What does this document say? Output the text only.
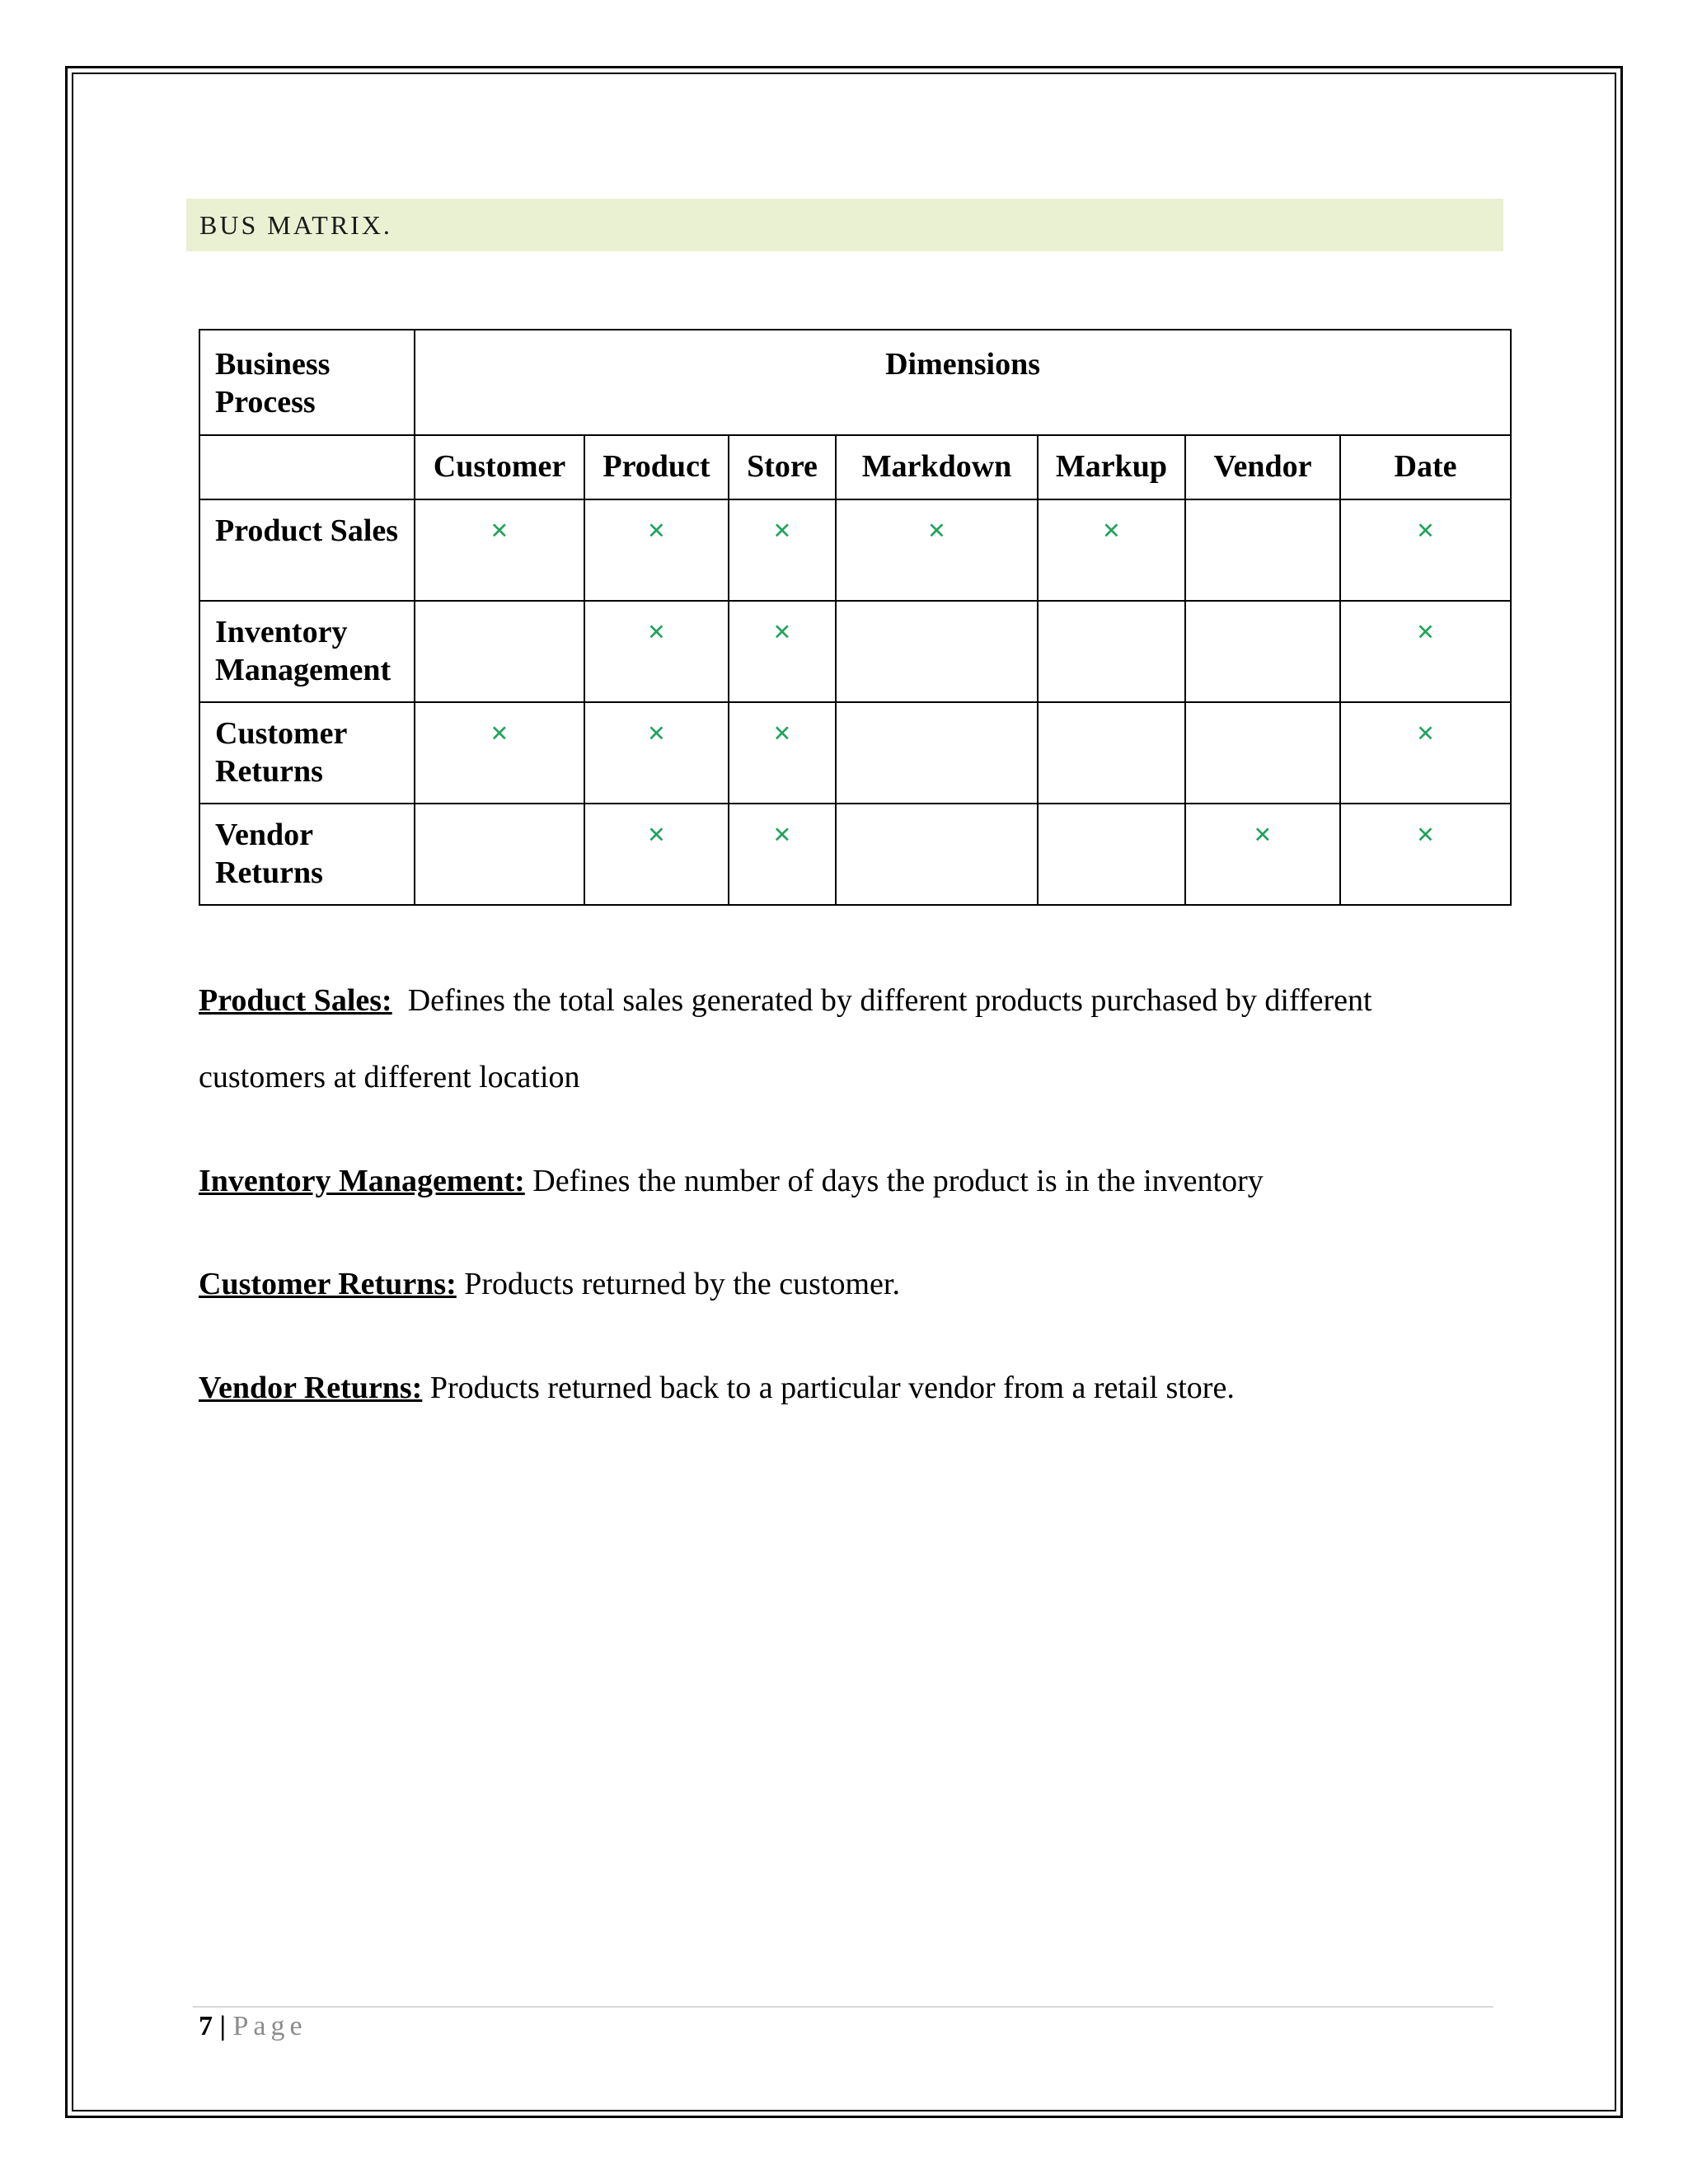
BUS MATRIX.
Business Process	Dimensions						
	Customer	Product	Store	Markdown	Markup	Vendor	Date
Product Sales	×	×	×	×	×		×
Inventory Management		×	×				×
Customer Returns	×	×	×				×
Vendor Returns		×	×			×	×
Product Sales: Defines the total sales generated by different products purchased by different
customers at different location
Inventory Management: Defines the number of days the product is in the inventory
Customer Returns: Products returned by the customer.
Vendor Returns: Products returned back to a particular vendor from a retail store.
7 | Page
